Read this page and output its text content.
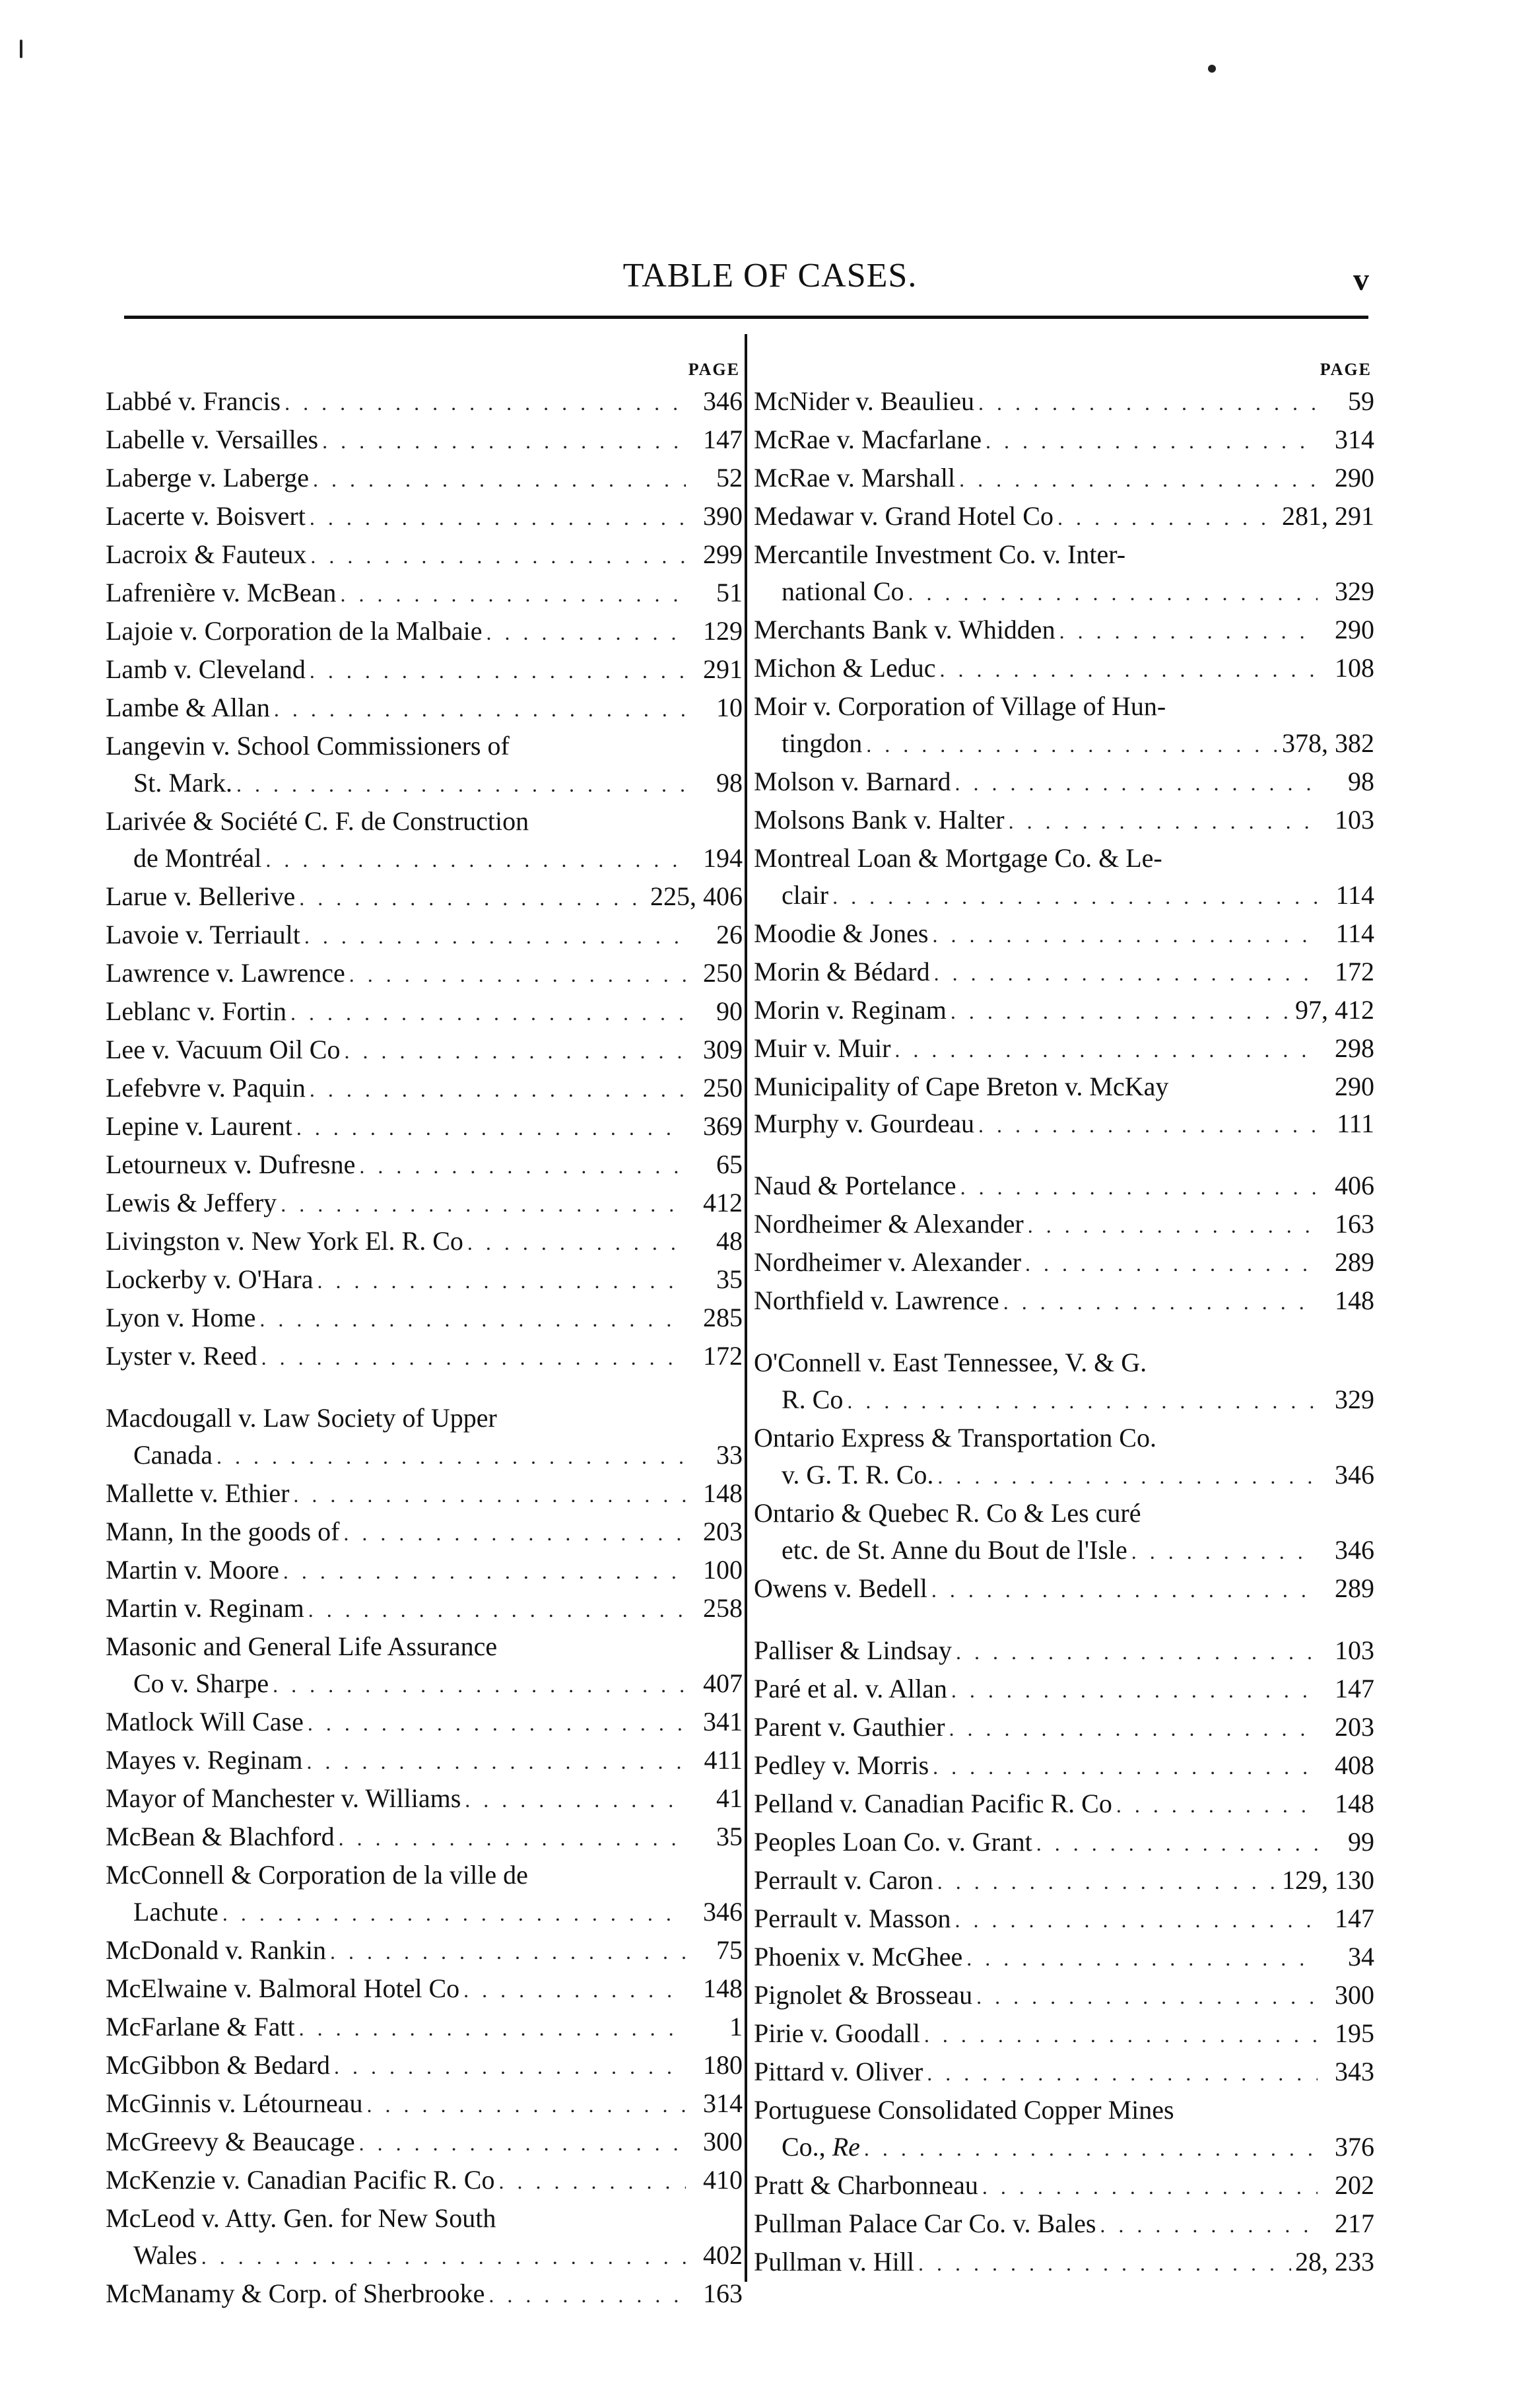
TABLE OF CASES.	v
PAGE
Labbé v. Francis . . .	346
Labelle v. Versailles . . .	147
Laberge v. Laberge . . .	52
Lacerte v. Boisvert . . .	390
Lacroix & Fauteux . . .	299
Lafrenière v. McBean . . .	51
Lajoie v. Corporation de la Malbaie . . .	129
Lamb v. Cleveland . . .	291
Lambe & Allan . . .	10
Langevin v. School Commissioners of
St. Mark. . . .	98
Larivée & Société C. F. de Construction
de Montréal . . .	194
Larue v. Bellerive . . .	225, 406
Lavoie v. Terriault . . .	26
Lawrence v. Lawrence . . .	250
Leblanc v. Fortin . . .	90
Lee v. Vacuum Oil Co . . .	309
Lefebvre v. Paquin . . .	250
Lepine v. Laurent . . .	369
Letourneux v. Dufresne . . .	65
Lewis & Jeffery . . .	412
Livingston v. New York El. R. Co . . .	48
Lockerby v. O'Hara . . .	35
Lyon v. Home . . .	285
Lyster v. Reed . . .	172
Macdougall v. Law Society of Upper
Canada . . .	33
Mallette v. Ethier . . .	148
Mann, In the goods of . . .	203
Martin v. Moore . . .	100
Martin v. Reginam . . .	258
Masonic and General Life Assurance
Co v. Sharpe . . .	407
Matlock Will Case . . .	341
Mayes v. Reginam . . .	411
Mayor of Manchester v. Williams . . .	41
McBean & Blachford . . .	35
McConnell & Corporation de la ville de
Lachute . . .	346
McDonald v. Rankin . . .	75
McElwaine v. Balmoral Hotel Co . . .	148
McFarlane & Fatt . . .	1
McGibbon & Bedard . . .	180
McGinnis v. Létourneau . . .	314
McGreevy & Beaucage . . .	300
McKenzie v. Canadian Pacific R. Co . . .	410
McLeod v. Atty. Gen. for New South
Wales . . .	402
McManamy & Corp. of Sherbrooke . . .	163
PAGE
McNider v. Beaulieu . . .	59
McRae v. Macfarlane . . .	314
McRae v. Marshall . . .	290
Medawar v. Grand Hotel Co . . .	281, 291
Mercantile Investment Co. v. Inter-
national Co . . .	329
Merchants Bank v. Whidden . . .	290
Michon & Leduc . . .	108
Moir v. Corporation of Village of Hun-
tingdon . . .	378, 382
Molson v. Barnard . . .	98
Molsons Bank v. Halter . . .	103
Montreal Loan & Mortgage Co. & Le-
clair . . .	114
Moodie & Jones . . .	114
Morin & Bédard . . .	172
Morin v. Reginam . . .	97, 412
Muir v. Muir . . .	298
Municipality of Cape Breton v. McKay	290
Murphy v. Gourdeau . . .	111
Naud & Portelance . . .	406
Nordheimer & Alexander . . .	163
Nordheimer v. Alexander . . .	289
Northfield v. Lawrence . . .	148
O'Connell v. East Tennessee, V. & G.
R. Co . . .	329
Ontario Express & Transportation Co.
v. G. T. R. Co. . . .	346
Ontario & Quebec R. Co & Les curé
etc. de St. Anne du Bout de l'Isle . . .	346
Owens v. Bedell . . .	289
Palliser & Lindsay . . .	103
Paré et al. v. Allan . . .	147
Parent v. Gauthier . . .	203
Pedley v. Morris . . .	408
Pelland v. Canadian Pacific R. Co . . .	148
Peoples Loan Co. v. Grant . . .	99
Perrault v. Caron . . .	129, 130
Perrault v. Masson . . .	147
Phoenix v. McGhee . . .	34
Pignolet & Brosseau . . .	300
Pirie v. Goodall . . .	195
Pittard v. Oliver . . .	343
Portuguese Consolidated Copper Mines
Co., Re . . .	376
Pratt & Charbonneau . . .	202
Pullman Palace Car Co. v. Bales . . .	217
Pullman v. Hill . . .	28, 233
